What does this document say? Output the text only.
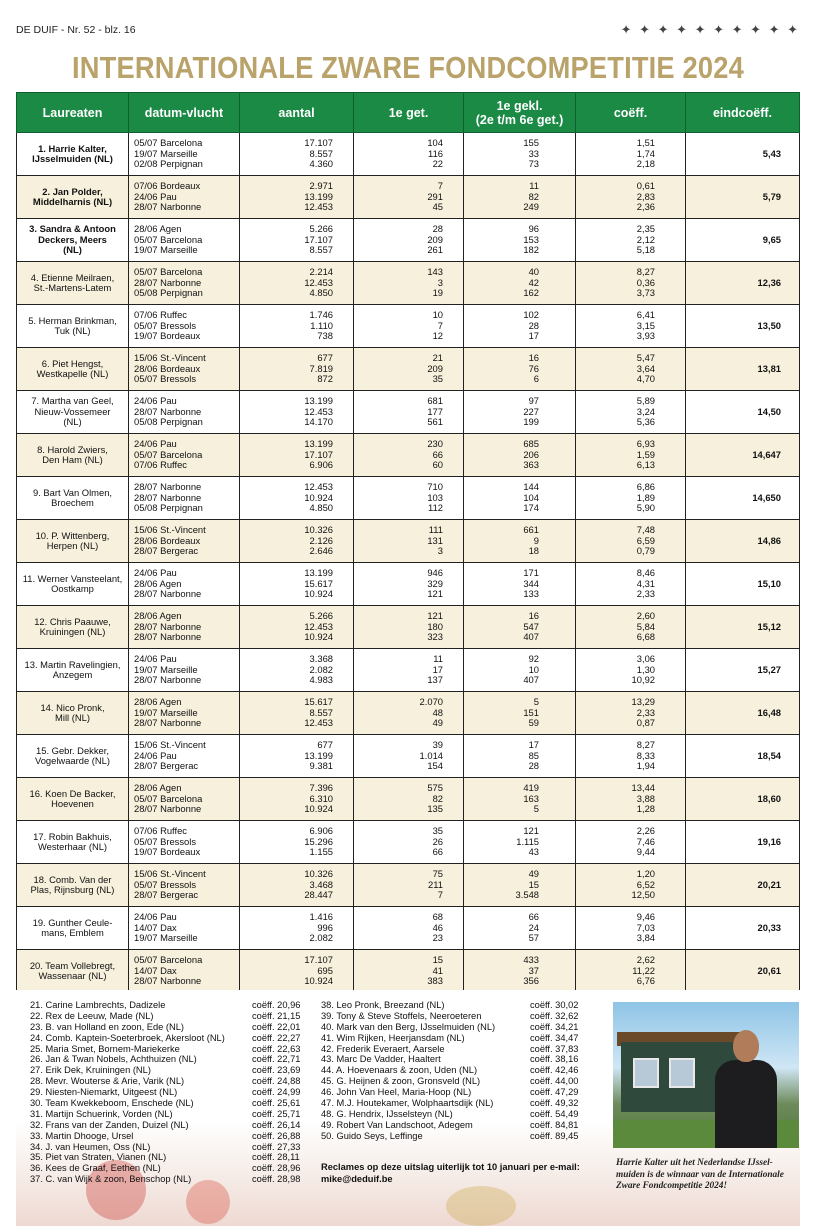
DE DUIF - Nr. 52 - blz. 16	✦ ✦ ✦ ✦ ✦ ✦ ✦ ✦ ✦ ✦
INTERNATIONALE ZWARE FONDCOMPETITIE 2024
Laureaten	datum-vlucht	aantal	1e get.	1e gekl.
(2e t/m 6e get.)	coëff.	eindcoëff.

1. Harrie Kalter,
IJsselmuiden (NL)	05/07 Barcelona
19/07 Marseille
02/08 Perpignan	17.107
8.557
4.360	104
116
22	155
33
73	1,51
1,74
2,18	5,43

2. Jan Polder,
Middelharnis (NL)	07/06 Bordeaux
24/06 Pau
28/07 Narbonne	2.971
13.199
12.453	7
291
45	11
82
249	0,61
2,83
2,36	5,79

3. Sandra & Antoon
Deckers, Meers
(NL)	28/06 Agen
05/07 Barcelona
19/07 Marseille	5.266
17.107
8.557	28
209
261	96
153
182	2,35
2,12
5,18	9,65

4. Etienne Meilraen,
St.-Martens-Latem	05/07 Barcelona
28/07 Narbonne
05/08 Perpignan	2.214
12.453
4.850	143
3
19	40
42
162	8,27
0,36
3,73	12,36

5. Herman Brinkman,
Tuk (NL)	07/06 Ruffec
05/07 Bressols
19/07 Bordeaux	1.746
1.110
738	10
7
12	102
28
17	6,41
3,15
3,93	13,50

6. Piet Hengst,
Westkapelle (NL)	15/06 St.-Vincent
28/06 Bordeaux
05/07 Bressols	677
7.819
872	21
209
35	16
76
6	5,47
3,64
4,70	13,81

7. Martha van Geel,
Nieuw-Vossemeer
(NL)	24/06 Pau
28/07 Narbonne
05/08 Perpignan	13.199
12.453
14.170	681
177
561	97
227
199	5,89
3,24
5,36	14,50

8. Harold Zwiers,
Den Ham (NL)	24/06 Pau
05/07 Barcelona
07/06 Ruffec	13.199
17.107
6.906	230
66
60	685
206
363	6,93
1,59
6,13	14,647

9. Bart Van Olmen,
Broechem	28/07 Narbonne
28/07 Narbonne
05/08 Perpignan	12.453
10.924
4.850	710
103
112	144
104
174	6,86
1,89
5,90	14,650

10. P. Wittenberg,
Herpen (NL)	15/06 St.-Vincent
28/06 Bordeaux
28/07 Bergerac	10.326
2.126
2.646	111
131
3	661
9
18	7,48
6,59
0,79	14,86

11. Werner Vansteelant,
Oostkamp	24/06 Pau
28/06 Agen
28/07 Narbonne	13.199
15.617
10.924	946
329
121	171
344
133	8,46
4,31
2,33	15,10

12. Chris Paauwe,
Kruiningen (NL)	28/06 Agen
28/07 Narbonne
28/07 Narbonne	5.266
12.453
10.924	121
180
323	16
547
407	2,60
5,84
6,68	15,12

13. Martin Ravelingien,
Anzegem	24/06 Pau
19/07 Marseille
28/07 Narbonne	3.368
2.082
4.983	11
17
137	92
10
407	3,06
1,30
10,92	15,27

14. Nico Pronk,
Mill (NL)	28/06 Agen
19/07 Marseille
28/07 Narbonne	15.617
8.557
12.453	2.070
48
49	5
151
59	13,29
2,33
0,87	16,48

15. Gebr. Dekker,
Vogelwaarde (NL)	15/06 St.-Vincent
24/06 Pau
28/07 Bergerac	677
13.199
9.381	39
1.014
154	17
85
28	8,27
8,33
1,94	18,54

16. Koen De Backer,
Hoevenen	28/06 Agen
05/07 Barcelona
28/07 Narbonne	7.396
6.310
10.924	575
82
135	419
163
5	13,44
3,88
1,28	18,60

17. Robin Bakhuis,
Westerhaar (NL)	07/06 Ruffec
05/07 Bressols
19/07 Bordeaux	6.906
15.296
1.155	35
26
66	121
1.115
43	2,26
7,46
9,44	19,16

18. Comb. Van der
Plas, Rijnsburg (NL)	15/06 St.-Vincent
05/07 Bressols
28/07 Bergerac	10.326
3.468
28.447	75
211
7	49
15
3.548	1,20
6,52
12,50	20,21

19. Gunther Ceule-
mans, Emblem	24/06 Pau
14/07 Dax
19/07 Marseille	1.416
996
2.082	68
46
23	66
24
57	9,46
7,03
3,84	20,33

20. Team Vollebregt,
Wassenaar (NL)	05/07 Barcelona
14/07 Dax
28/07 Narbonne	17.107
695
10.924	15
41
383	433
37
356	2,62
11,22
6,76	20,61
21. Carine Lambrechts, Dadizele	coëff. 20,96
22. Rex de Leeuw, Made (NL)	coëff. 21,15
23. B. van Holland en zoon, Ede (NL)	coëff. 22,01
24. Comb. Kaptein-Soeterbroek, Akersloot (NL)	coëff. 22,27
25. Maria Smet, Bornem-Mariekerke	coëff. 22,63
26. Jan & Twan Nobels, Achthuizen (NL)	coëff. 22,71
27. Erik Dek, Kruiningen (NL)	coëff. 23,69
28. Mevr. Wouterse & Arie, Varik (NL)	coëff. 24,88
29. Niesten-Niemarkt, Uitgeest (NL)	coëff. 24,99
30. Team Kwekkeboom, Enschede (NL)	coëff. 25,61
31. Martijn Schuerink, Vorden (NL)	coëff. 25,71
32. Frans van der Zanden, Duizel (NL)	coëff. 26,14
33. Martin Dhooge, Ursel	coëff. 26,88
34. J. van Heumen, Oss (NL)	coëff. 27,33
35. Piet van Straten, Vianen (NL)	coëff. 28,11
36. Kees de Graaf, Eethen (NL)	coëff. 28,96
37. C. van Wijk & zoon, Benschop (NL)	coëff. 28,98
38. Leo Pronk, Breezand (NL)	coëff. 30,02
39. Tony & Steve Stoffels, Neeroeteren	coëff. 32,62
40. Mark van den Berg, IJsselmuiden (NL)	coëff. 34,21
41. Wim Rijken, Heerjansdam (NL)	coëff. 34,47
42. Frederik Everaert, Aarsele	coëff. 37,83
43. Marc De Vadder, Haaltert	coëff. 38,16
44. A. Hoevenaars & zoon, Uden (NL)	coëff. 42,46
45. G. Heijnen & zoon, Gronsveld (NL)	coëff. 44,00
46. John Van Heel, Maria-Hoop (NL)	coëff. 47,29
47. M.J. Houtekamer, Wolphaartsdijk (NL)	coëff. 49,32
48. G. Hendrix, IJsselsteyn (NL)	coëff. 54,49
49. Robert Van Landschoot, Adegem	coëff. 84,81
50. Guido Seys, Leffinge	coëff. 89,45
Reclames op deze uitslag uiterlijk tot 10 januari per e-mail:
mike@deduif.be
Harrie Kalter uit het Nederlandse IJssel-
muiden is de winnaar van de Internationale
Zware Fondcompetitie 2024!
